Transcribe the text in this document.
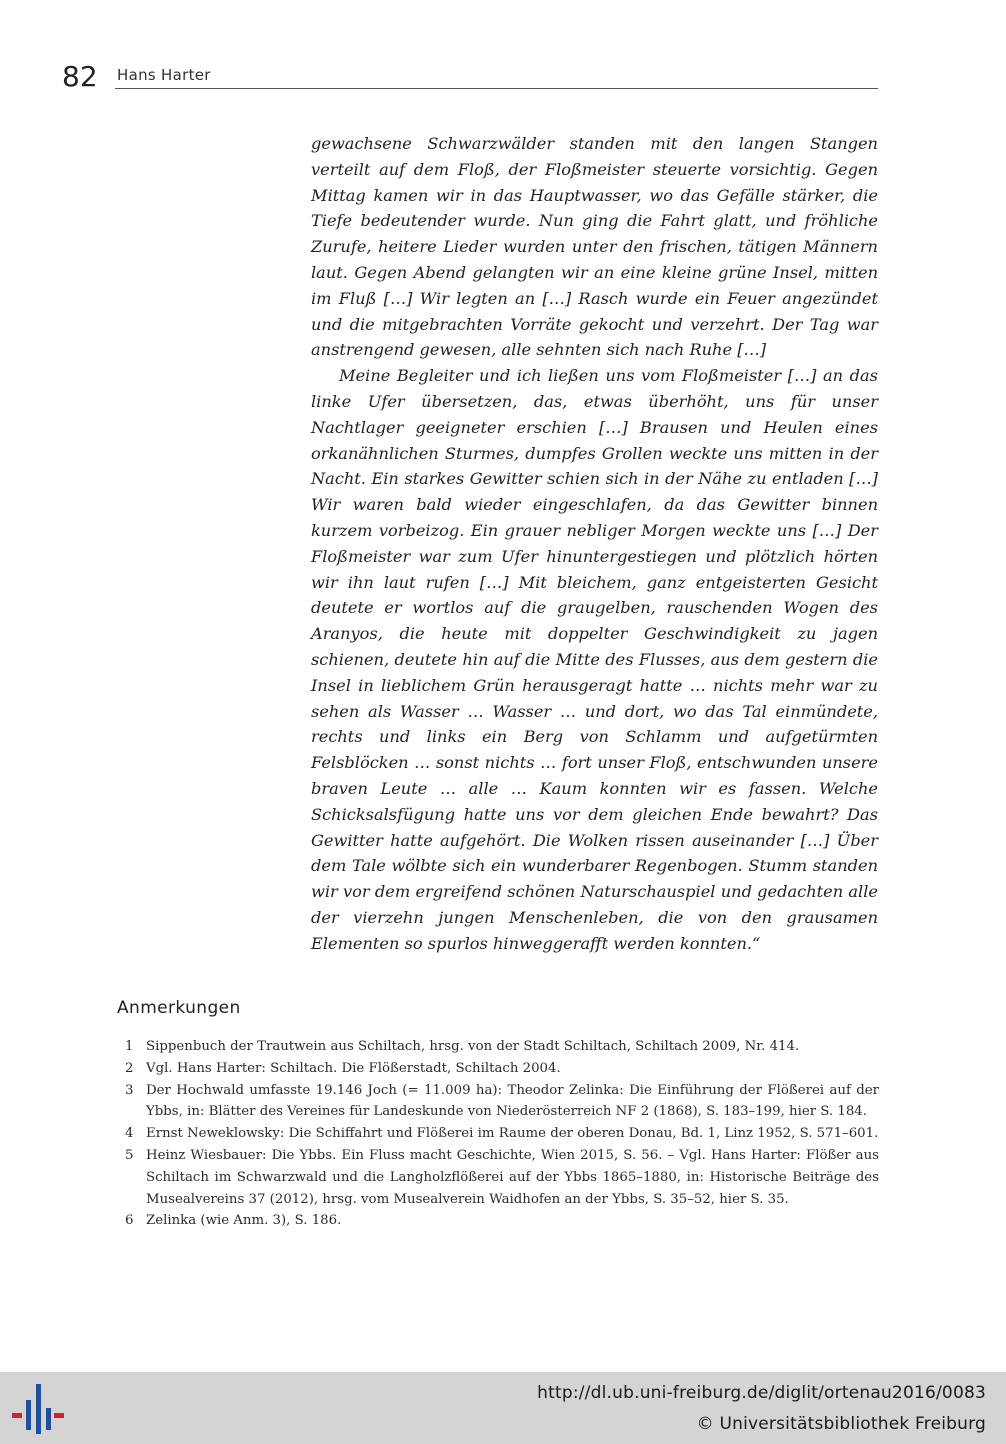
82 Hans Harter

gewachsene Schwarzwälder standen mit den langen Stangen verteilt auf dem Floß, der Floßmeister steuerte vorsichtig. Gegen Mittag kamen wir in das Hauptwasser, wo das Gefälle stärker, die Tiefe bedeutender wurde. Nun ging die Fahrt glatt, und fröhliche Zurufe, heitere Lieder wurden unter den frischen, tätigen Männern laut. Gegen Abend gelangten wir an eine kleine grüne Insel, mitten im Fluß […] Wir legten an […] Rasch wurde ein Feuer angezündet und die mitgebrachten Vorräte gekocht und verzehrt. Der Tag war anstrengend gewesen, alle sehnten sich nach Ruhe […]

Meine Begleiter und ich ließen uns vom Floßmeister […] an das linke Ufer übersetzen, das, etwas überhöht, uns für unser Nachtlager geeigneter erschien […] Brausen und Heulen eines orkanähnlichen Sturmes, dumpfes Grollen weckte uns mitten in der Nacht. Ein starkes Gewitter schien sich in der Nähe zu entladen […] Wir waren bald wieder eingeschlafen, da das Gewitter binnen kurzem vorbeizog. Ein grauer nebliger Morgen weckte uns […] Der Floßmeister war zum Ufer hinuntergestiegen und plötzlich hörten wir ihn laut rufen […] Mit bleichem, ganz entgeisterten Gesicht deutete er wortlos auf die graugelben, rauschenden Wogen des Aranyos, die heute mit doppelter Geschwindigkeit zu jagen schienen, deutete hin auf die Mitte des Flusses, aus dem gestern die Insel in lieblichem Grün herausgeragt hatte … nichts mehr war zu sehen als Wasser … Wasser … und dort, wo das Tal einmündete, rechts und links ein Berg von Schlamm und aufgetürmten Felsblöcken … sonst nichts … fort unser Floß, entschwunden unsere braven Leute … alle … Kaum konnten wir es fassen. Welche Schicksalsfügung hatte uns vor dem gleichen Ende bewahrt? Das Gewitter hatte aufgehört. Die Wolken rissen auseinander […] Über dem Tale wölbte sich ein wunderbarer Regenbogen. Stumm standen wir vor dem ergreifend schönen Naturschauspiel und gedachten alle der vierzehn jungen Menschenleben, die von den grausamen Elementen so spurlos hinweggerafft werden konnten.“

Anmerkungen
1 Sippenbuch der Trautwein aus Schiltach, hrsg. von der Stadt Schiltach, Schiltach 2009, Nr. 414.
2 Vgl. Hans Harter: Schiltach. Die Flößerstadt, Schiltach 2004.
3 Der Hochwald umfasste 19.146 Joch (= 11.009 ha): Theodor Zelinka: Die Einführung der Flößerei auf der Ybbs, in: Blätter des Vereines für Landeskunde von Niederösterreich NF 2 (1868), S. 183–199, hier S. 184.
4 Ernst Neweklowsky: Die Schiffahrt und Flößerei im Raume der oberen Donau, Bd. 1, Linz 1952, S. 571–601.
5 Heinz Wiesbauer: Die Ybbs. Ein Fluss macht Geschichte, Wien 2015, S. 56. – Vgl. Hans Harter: Flößer aus Schiltach im Schwarzwald und die Langholzflößerei auf der Ybbs 1865–1880, in: Historische Beiträge des Musealvereins 37 (2012), hrsg. vom Musealverein Waidhofen an der Ybbs, S. 35–52, hier S. 35.
6 Zelinka (wie Anm. 3), S. 186.
http://dl.ub.uni-freiburg.de/diglit/ortenau2016/0083
© Universitätsbibliothek Freiburg
